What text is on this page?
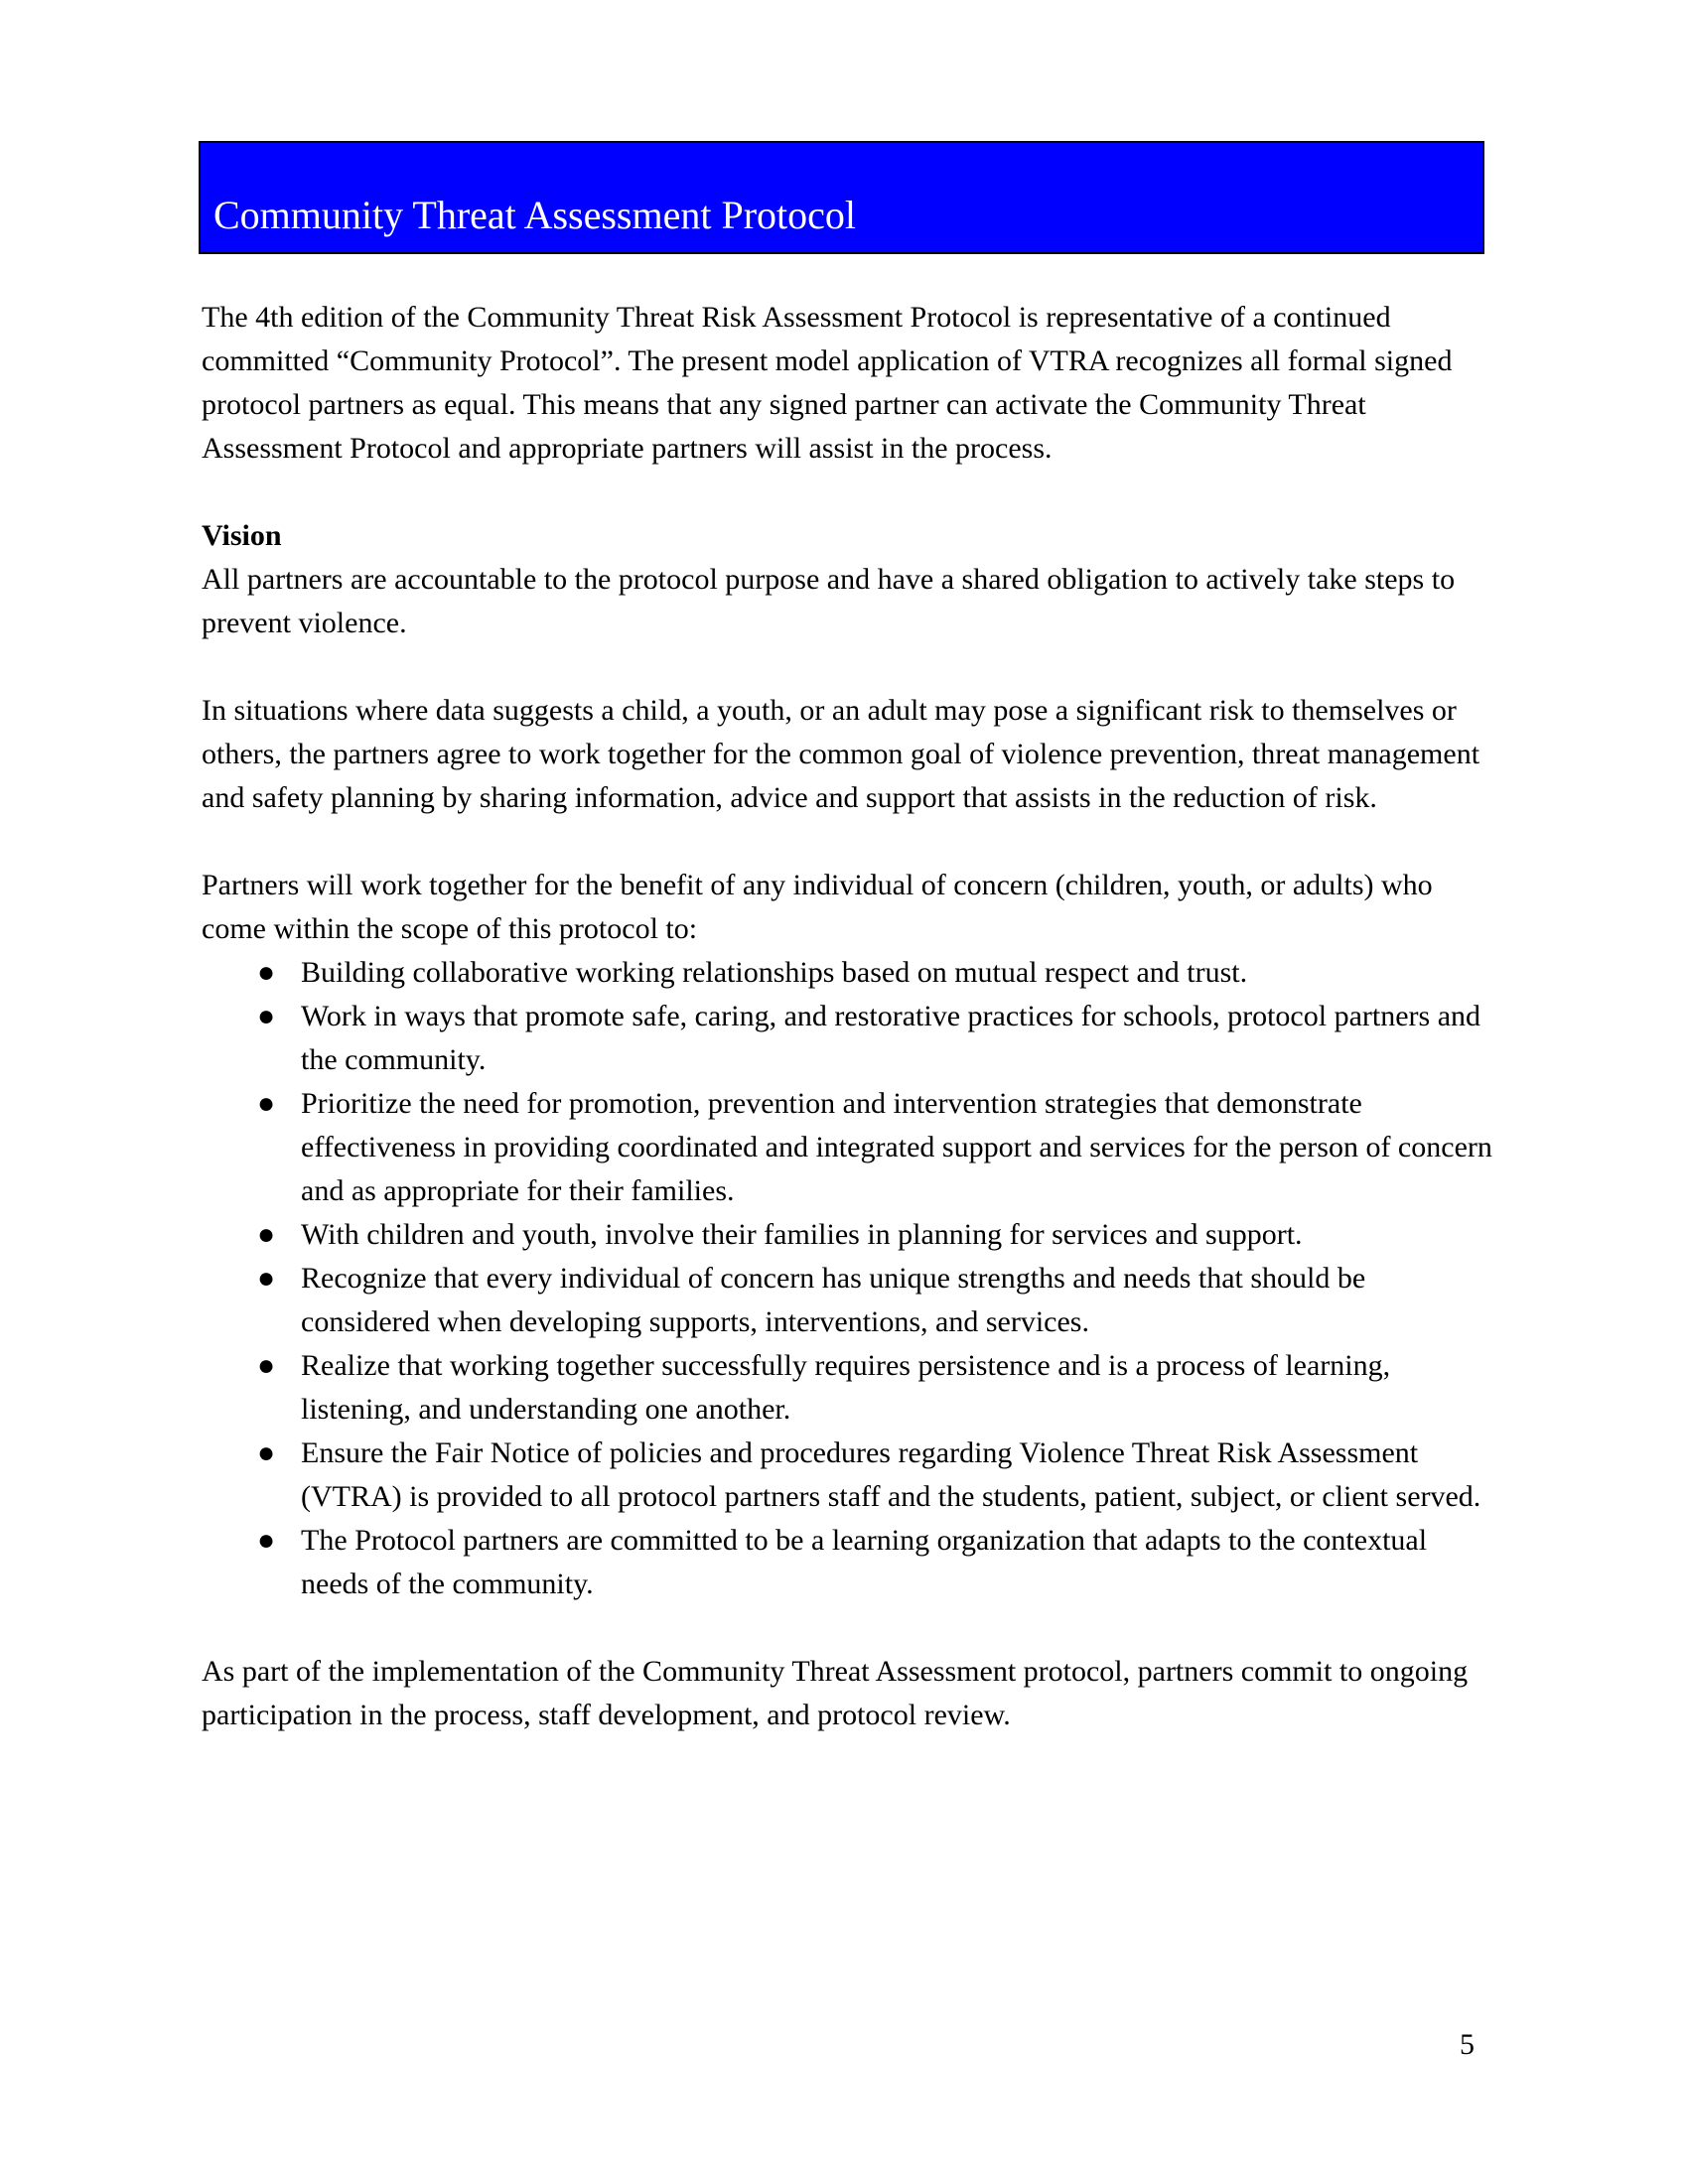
Community Threat Assessment Protocol

The 4th edition of the Community Threat Risk Assessment Protocol is representative of a continued committed “Community Protocol”. The present model application of VTRA recognizes all formal signed protocol partners as equal. This means that any signed partner can activate the Community Threat Assessment Protocol and appropriate partners will assist in the process.

Vision

All partners are accountable to the protocol purpose and have a shared obligation to actively take steps to prevent violence.

In situations where data suggests a child, a youth, or an adult may pose a significant risk to themselves or others, the partners agree to work together for the common goal of violence prevention, threat management and safety planning by sharing information, advice and support that assists in the reduction of risk.

Partners will work together for the benefit of any individual of concern (children, youth, or adults) who come within the scope of this protocol to:

● Building collaborative working relationships based on mutual respect and trust.
● Work in ways that promote safe, caring, and restorative practices for schools, protocol partners and the community.
● Prioritize the need for promotion, prevention and intervention strategies that demonstrate effectiveness in providing coordinated and integrated support and services for the person of concern and as appropriate for their families.
● With children and youth, involve their families in planning for services and support.
● Recognize that every individual of concern has unique strengths and needs that should be considered when developing supports, interventions, and services.
● Realize that working together successfully requires persistence and is a process of learning, listening, and understanding one another.
● Ensure the Fair Notice of policies and procedures regarding Violence Threat Risk Assessment (VTRA) is provided to all protocol partners staff and the students, patient, subject, or client served.
● The Protocol partners are committed to be a learning organization that adapts to the contextual needs of the community.

As part of the implementation of the Community Threat Assessment protocol, partners commit to ongoing participation in the process, staff development, and protocol review.

5
